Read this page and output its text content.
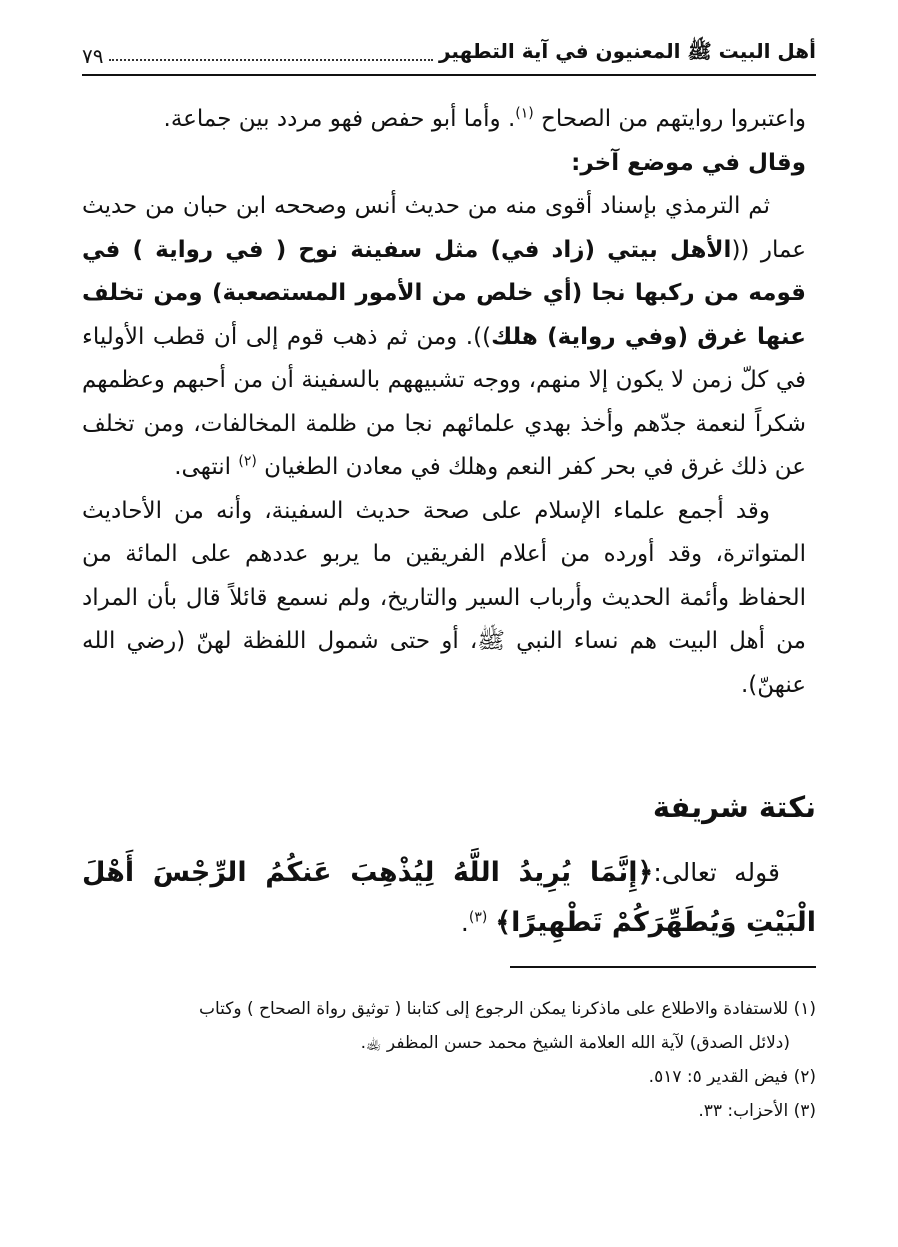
أهل البيت ﷺ المعنيون في آية التطهير
٧٩

واعتبروا روايتهم من الصحاح $^{(١)}$. وأما أبو حفص فهو مردد بين جماعة.

وقال في موضع آخر:

ثم الترمذي بإسناد أقوى منه من حديث أنس وصححه ابن حبان من حديث عمار ((الأهل بيتي (زاد في) مثل سفينة نوح ( في رواية ) في قومه من ركبها نجا (أي خلص من الأمور المستصعبة) ومن تخلف عنها غرق (وفي رواية) هلك)). ومن ثم ذهب قوم إلى أن قطب الأولياء في كلّ زمن لا يكون إلا منهم، ووجه تشبيههم بالسفينة أن من أحبهم وعظمهم شكراً لنعمة جدّهم وأخذ بهدي علمائهم نجا من ظلمة المخالفات، ومن تخلف عن ذلك غرق في بحر كفر النعم وهلك في معادن الطغيان $^{(٢)}$ انتهى.

وقد أجمع علماء الإسلام على صحة حديث السفينة، وأنه من الأحاديث المتواترة، وقد أورده من أعلام الفريقين ما يربو عددهم على المائة من الحفاظ وأئمة الحديث وأرباب السير والتاريخ، ولم نسمع قائلاً قال بأن المراد من أهل البيت هم نساء النبي ﷺ، أو حتى شمول اللفظة لهنّ (رضي الله عنهنّ).

نكتة شريفة

قوله تعالى:﴿إِنَّمَا يُرِيدُ اللَّهُ لِيُذْهِبَ عَنكُمُ الرِّجْسَ أَهْلَ الْبَيْتِ وَيُطَهِّرَكُمْ تَطْهِيرًا﴾ $^{(٣)}$.

(١) للاستفادة والاطلاع على ماذكرنا يمكن الرجوع إلى كتابنا ( توثيق رواة الصحاح ) وكتاب

(دلائل الصدق) لآية الله العلامة الشيخ محمد حسن المظفر ﵀.

(٢) فيض القدير ٥: ٥١٧.

(٣) الأحزاب: ٣٣.
